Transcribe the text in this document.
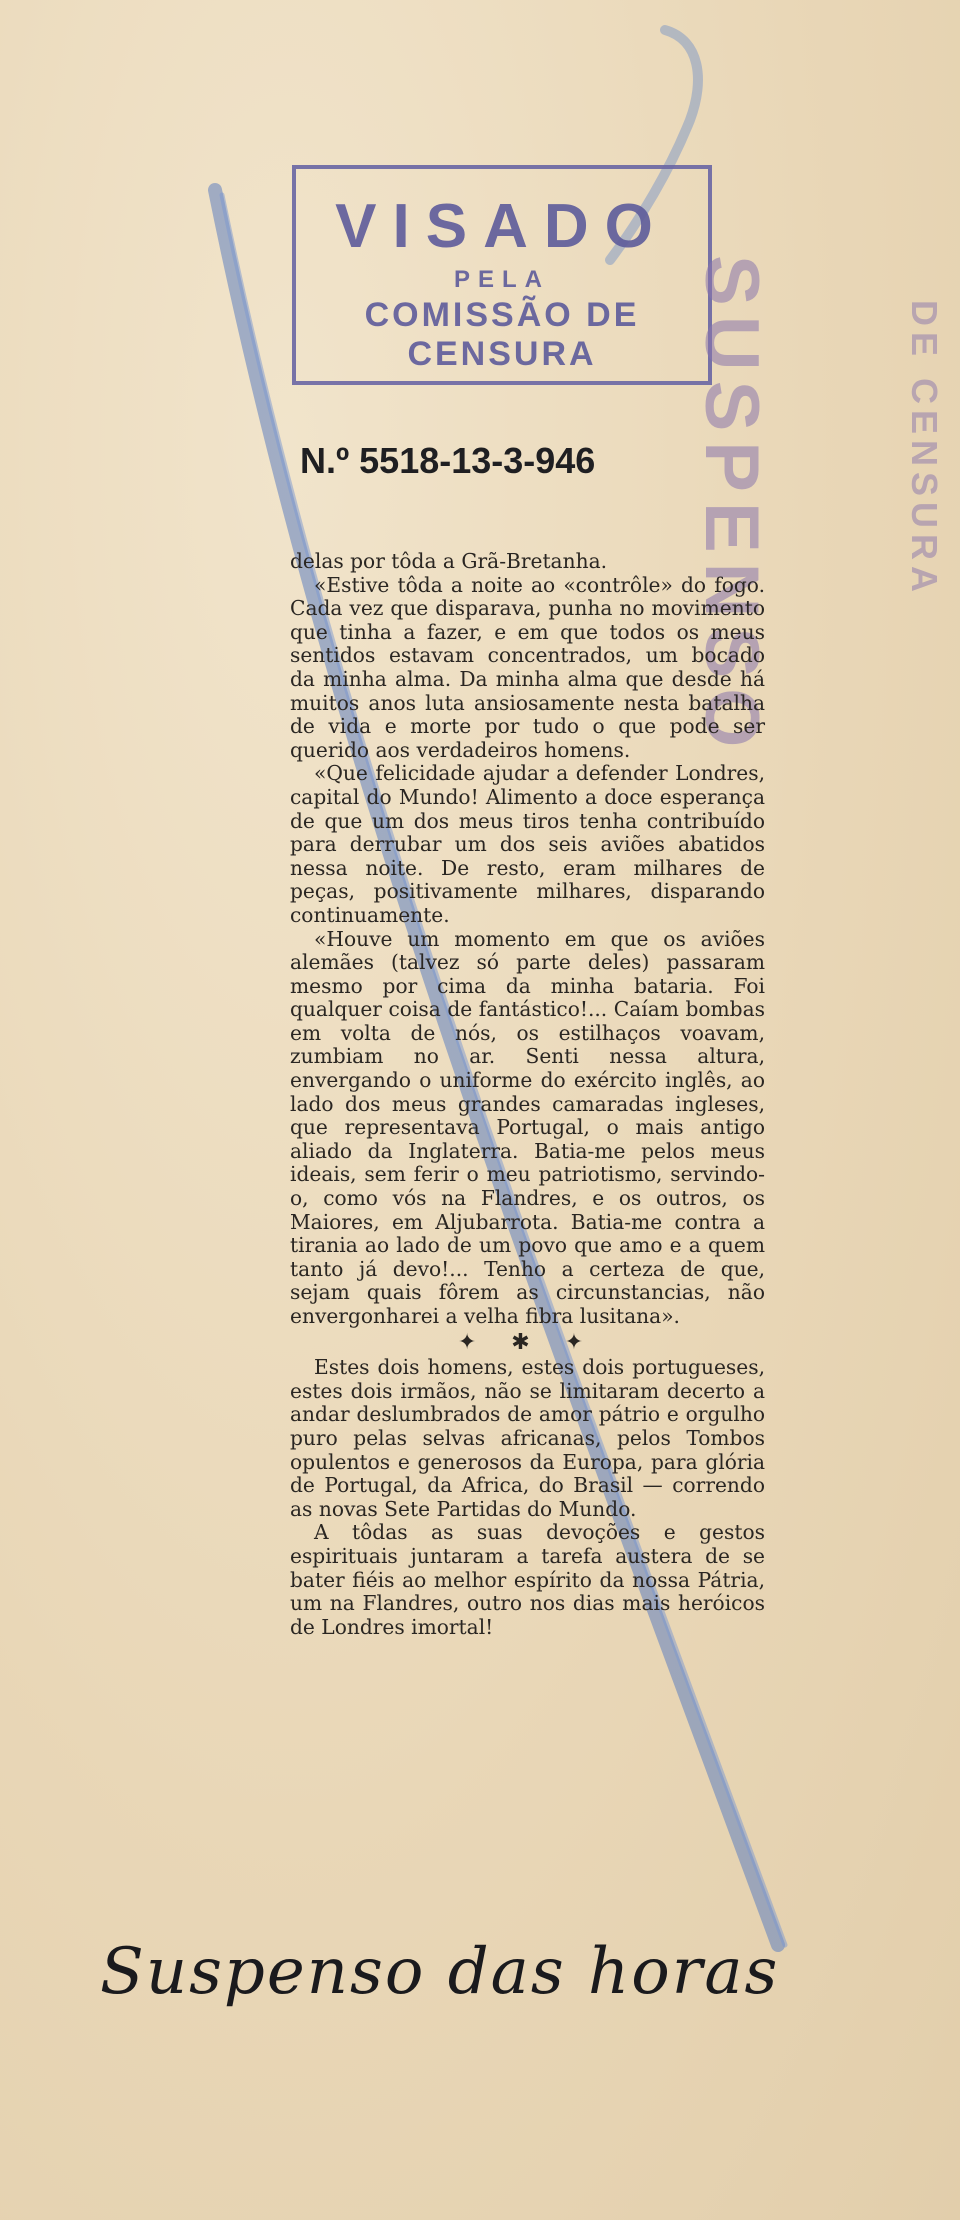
VISADO
PELA
COMISSÃO DE CENSURA	SUSPENSO	DE CENSURA
N.º 5518-13-3-946

delas por tôda a Grã-Bretanha.

«Estive tôda a noite ao «contrôle» do fogo. Cada vez que disparava, punha no movimento que tinha a fazer, e em que todos os meus sentidos estavam concentrados, um bocado da minha alma. Da minha alma que desde há muitos anos luta ansiosamente nesta batalha de vida e morte por tudo o que pode ser querido aos verdadeiros homens.

«Que felicidade ajudar a defender Londres, capital do Mundo! Alimento a doce esperança de que um dos meus tiros tenha contribuído para derrubar um dos seis aviões abatidos nessa noite. De resto, eram milhares de peças, positivamente milhares, disparando continuamente.

«Houve um momento em que os aviões alemães (talvez só parte deles) passaram mesmo por cima da minha bataria. Foi qualquer coisa de fantástico!... Caíam bombas em volta de nós, os estilhaços voavam, zumbiam no ar. Senti nessa altura, envergando o uniforme do exército inglês, ao lado dos meus grandes camaradas ingleses, que representava Portugal, o mais antigo aliado da Inglaterra. Batia-me pelos meus ideais, sem ferir o meu patriotismo, servindo-o, como vós na Flandres, e os outros, os Maiores, em Aljubarrota. Batia-me contra a tirania ao lado de um povo que amo e a quem tanto já devo!... Tenho a certeza de que, sejam quais fôrem as circunstancias, não envergonharei a velha fibra lusitana».

✦ ✱ ✦

Estes dois homens, estes dois portugueses, estes dois irmãos, não se limitaram decerto a andar deslumbrados de amor pátrio e orgulho puro pelas selvas africanas, pelos Tombos opulentos e generosos da Europa, para glória de Portugal, da Africa, do Brasil — correndo as novas Sete Partidas do Mundo.

A tôdas as suas devoções e gestos espirituais juntaram a tarefa austera de se bater fiéis ao melhor espírito da nossa Pátria, um na Flandres, outro nos dias mais heróicos de Londres imortal!

Suspenso das horas
